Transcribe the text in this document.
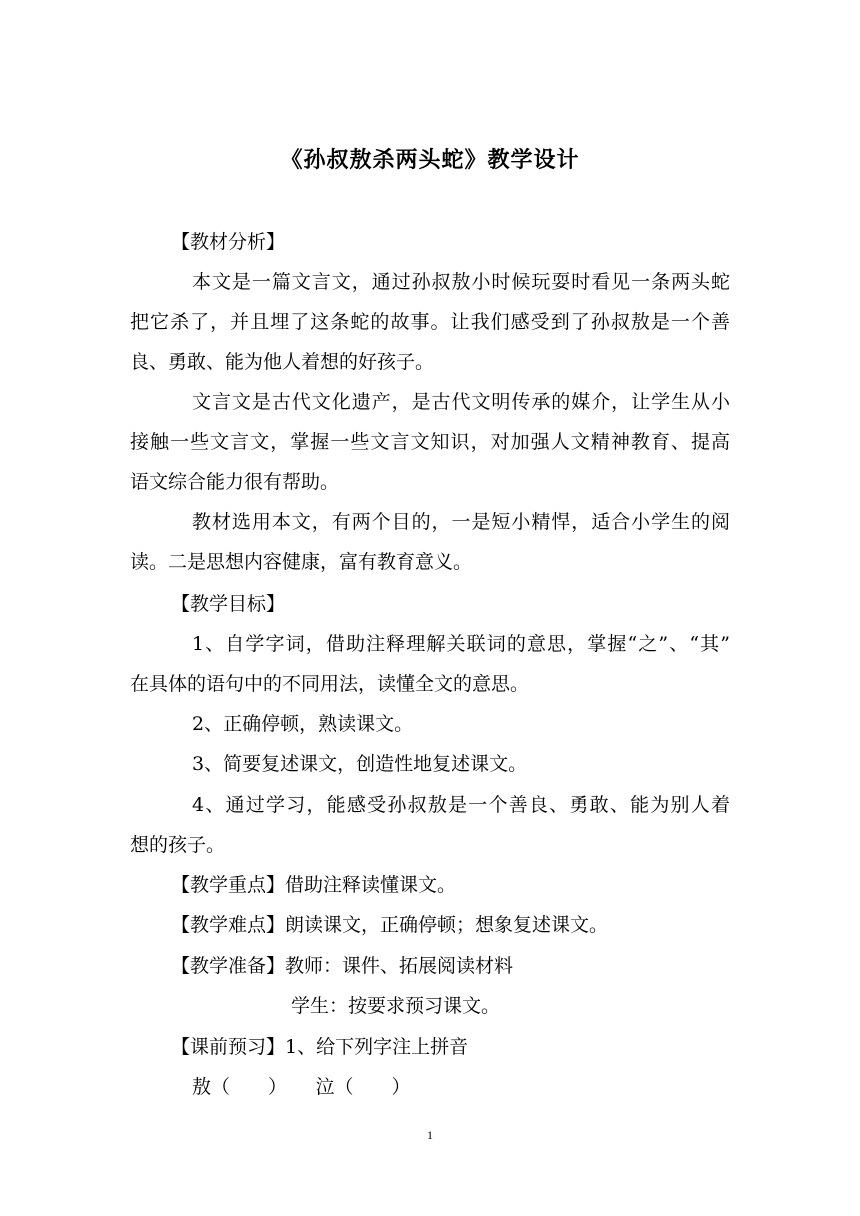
《孙叔敖杀两头蛇》教学设计
【教材分析】
本文是一篇文言文，通过孙叔敖小时候玩耍时看见一条两头蛇
把它杀了，并且埋了这条蛇的故事。让我们感受到了孙叔敖是一个善
良、勇敢、能为他人着想的好孩子。
文言文是古代文化遗产，是古代文明传承的媒介，让学生从小
接触一些文言文，掌握一些文言文知识，对加强人文精神教育、提高
语文综合能力很有帮助。
教材选用本文，有两个目的，一是短小精悍，适合小学生的阅
读。二是思想内容健康，富有教育意义。
【教学目标】
1、自学字词，借助注释理解关联词的意思，掌握“之”、“其”
在具体的语句中的不同用法，读懂全文的意思。
2、正确停顿，熟读课文。
3、简要复述课文，创造性地复述课文。
4、通过学习，能感受孙叔敖是一个善良、勇敢、能为别人着
想的孩子。
【教学重点】借助注释读懂课文。
【教学难点】朗读课文，正确停顿；想象复述课文。
【教学准备】教师：课件、拓展阅读材料
学生：按要求预习课文。
【课前预习】1、给下列字注上拼音
敖（　　）　　泣（　　）
1
